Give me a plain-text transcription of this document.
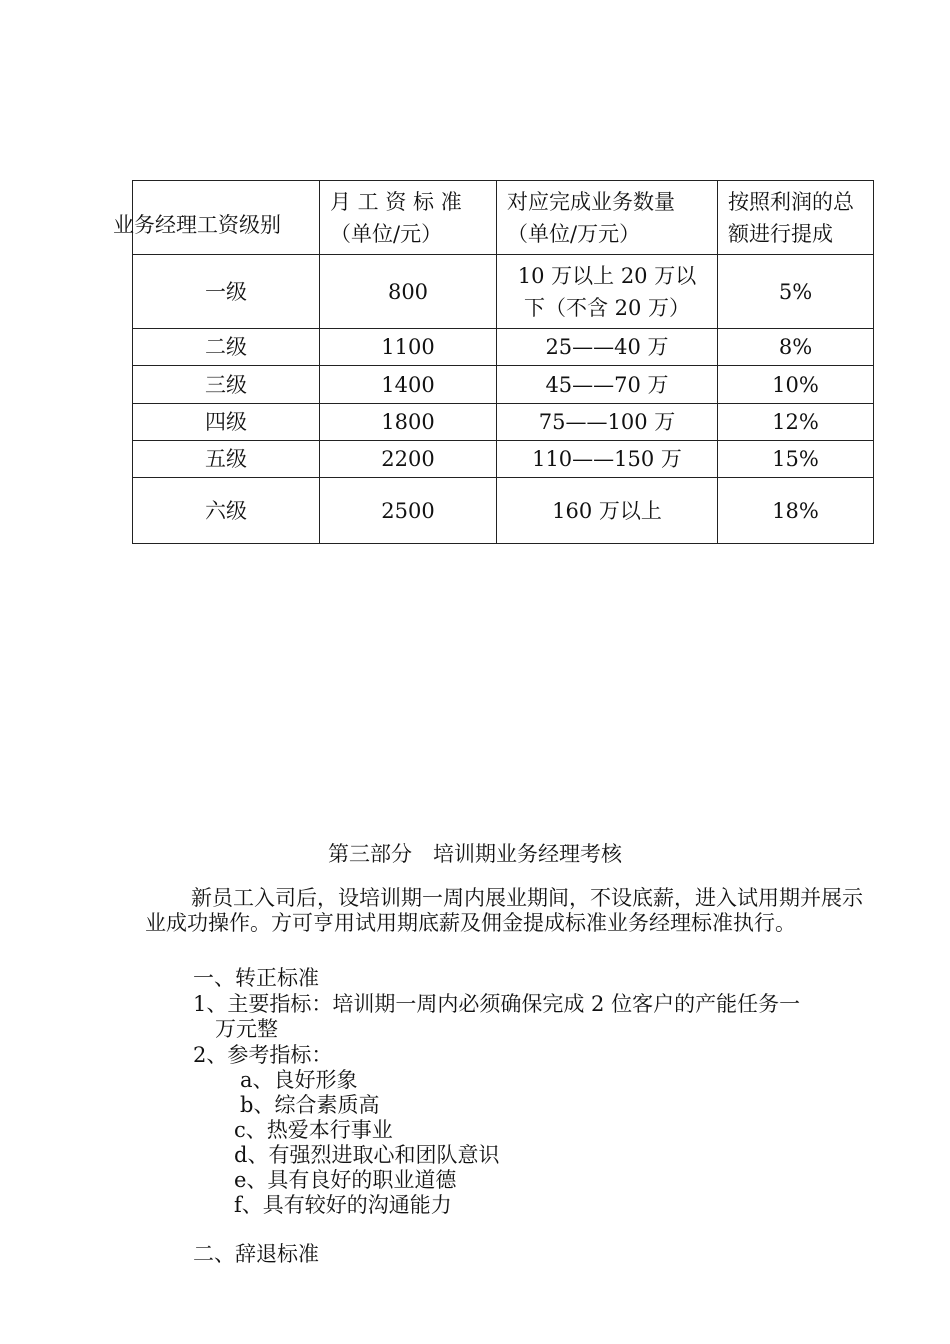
业务经理工资级别	月 工 资 标 准（单位/元）	对应完成业务数量（单位/万元）	按照利润的总额进行提成
一级	800	10 万以上 20 万以下（不含 20 万）	5%
二级	1100	25——40 万	8%
三级	1400	45——70 万	10%
四级	1800	75——100 万	12%
五级	2200	110——150 万	15%
六级	2500	160 万以上	18%
第三部分　培训期业务经理考核
新员工入司后，设培训期一周内展业期间，不设底薪，进入试用期并展示业成功操作。方可亨用试用期底薪及佣金提成标准业务经理标准执行。
一、转正标准
1、主要指标：培训期一周内必须确保完成 2 位客户的产能任务一
万元整
2、参考指标：
a、良好形象
b、综合素质高
c、热爱本行事业
d、有强烈进取心和团队意识
e、具有良好的职业道德
f、具有较好的沟通能力
二、辞退标准
